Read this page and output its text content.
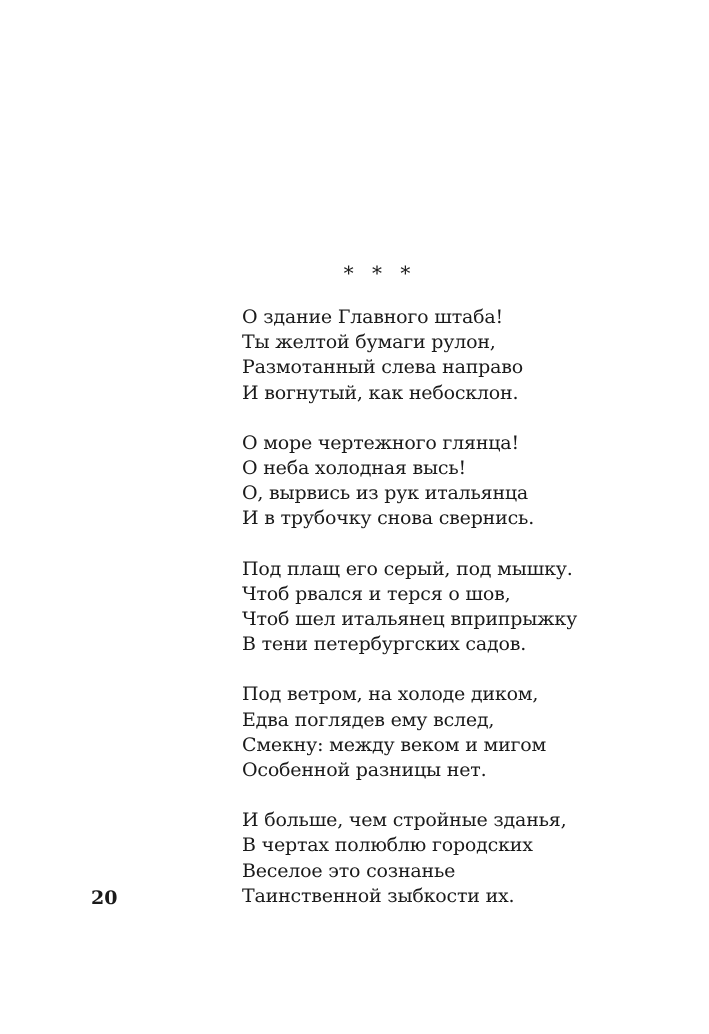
* * *
О здание Главного штаба!
Ты желтой бумаги рулон,
Размотанный слева направо
И вогнутый, как небосклон.
О море чертежного глянца!
О неба холодная высь!
О, вырвись из рук итальянца
И в трубочку снова свернись.
Под плащ его серый, под мышку.
Чтоб рвался и терся о шов,
Чтоб шел итальянец вприпрыжку
В тени петербургских садов.
Под ветром, на холоде диком,
Едва поглядев ему вслед,
Смекну: между веком и мигом
Особенной разницы нет.
И больше, чем стройные зданья,
В чертах полюблю городских
Веселое это сознанье
Таинственной зыбкости их.
20
